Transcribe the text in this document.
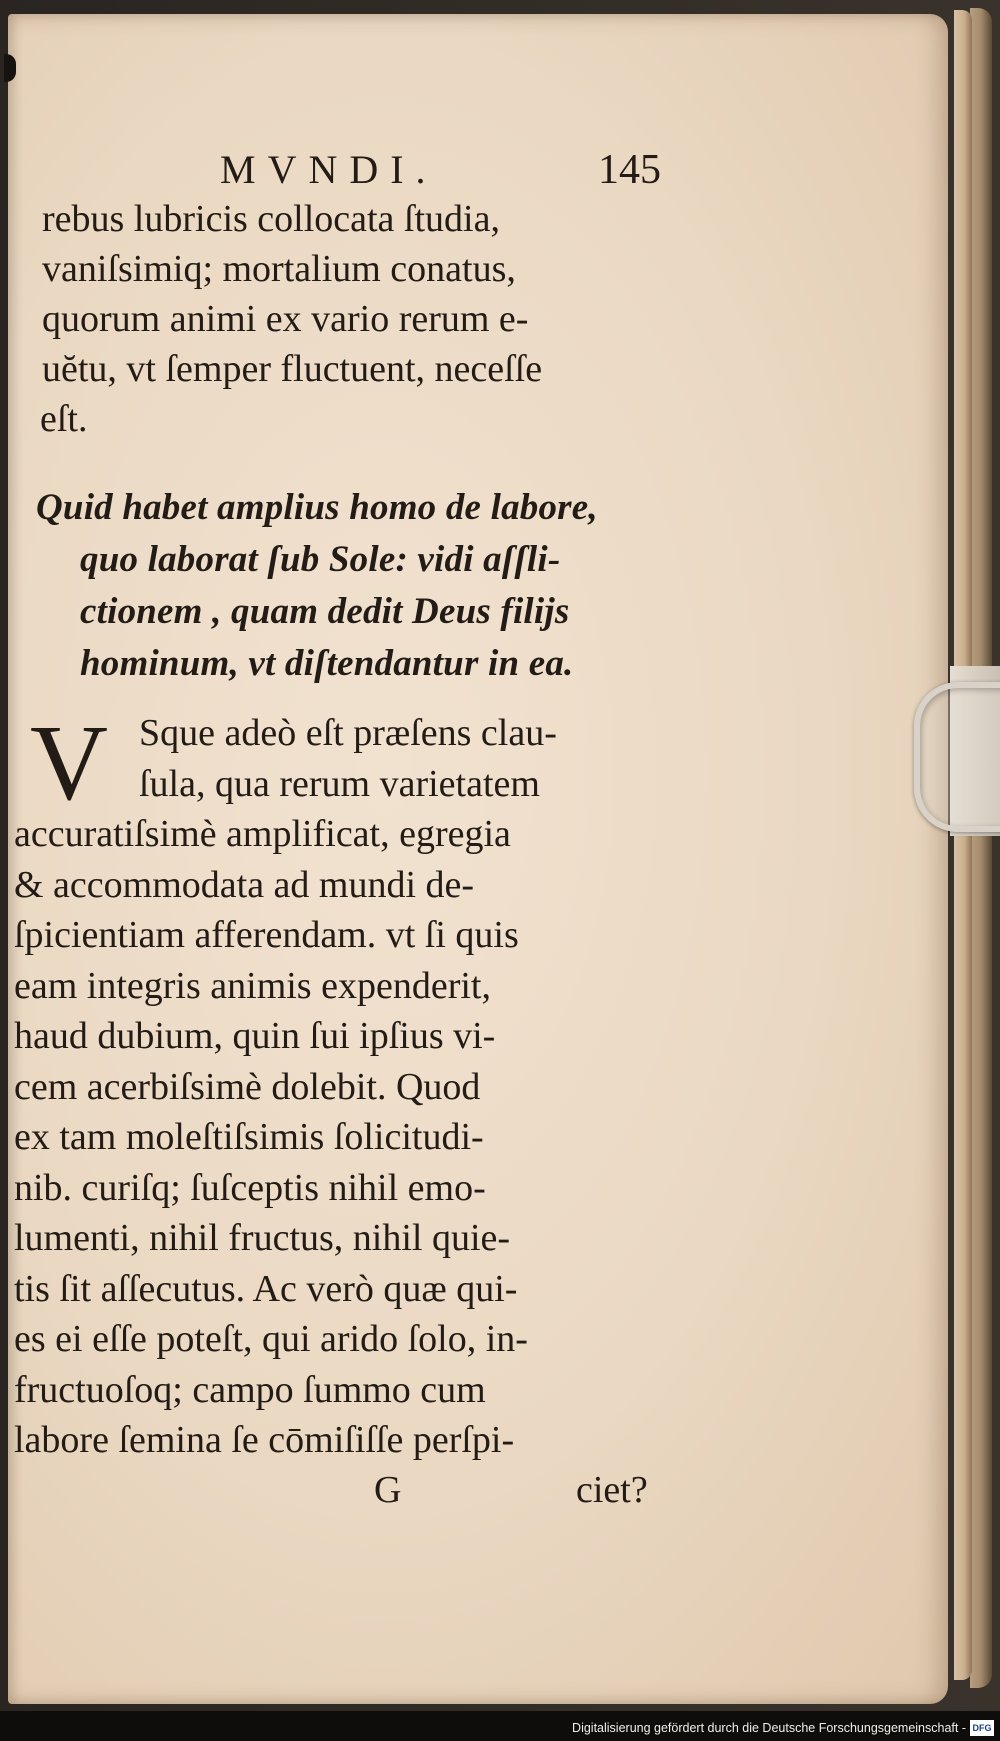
MVNDI.	145
rebus lubricis collocata ſtudia,
vaniſsimiq; mortalium conatus,
quorum animi ex vario rerum e-
uĕtu, vt ſemper fluctuent, neceſſe
eſt.
Quid habet amplius homo de labore,
quo laborat ſub Sole: vidi aſſli-
ctionem , quam dedit Deus filijs
hominum, vt diſtendantur in ea.
V Sque adeò eſt præſens clau-
ſula, qua rerum varietatem
accuratiſsimè amplificat, egregia
& accommodata ad mundi de-
ſpicientiam afferendam. vt ſi quis
eam integris animis expenderit,
haud dubium, quin ſui ipſius vi-
cem acerbiſsimè dolebit. Quod
ex tam moleſtiſsimis ſolicitudi-
nib. curiſq; ſuſceptis nihil emo-
lumenti, nihil fructus, nihil quie-
tis ſit aſſecutus. Ac verò quæ qui-
es ei eſſe poteſt, qui arido ſolo, in-
fructuoſoq; campo ſummo cum
labore ſemina ſe cōmiſiſſe perſpi-
G	ciet?
Digitalisierung gefördert durch die Deutsche Forschungsgemeinschaft - DFG
